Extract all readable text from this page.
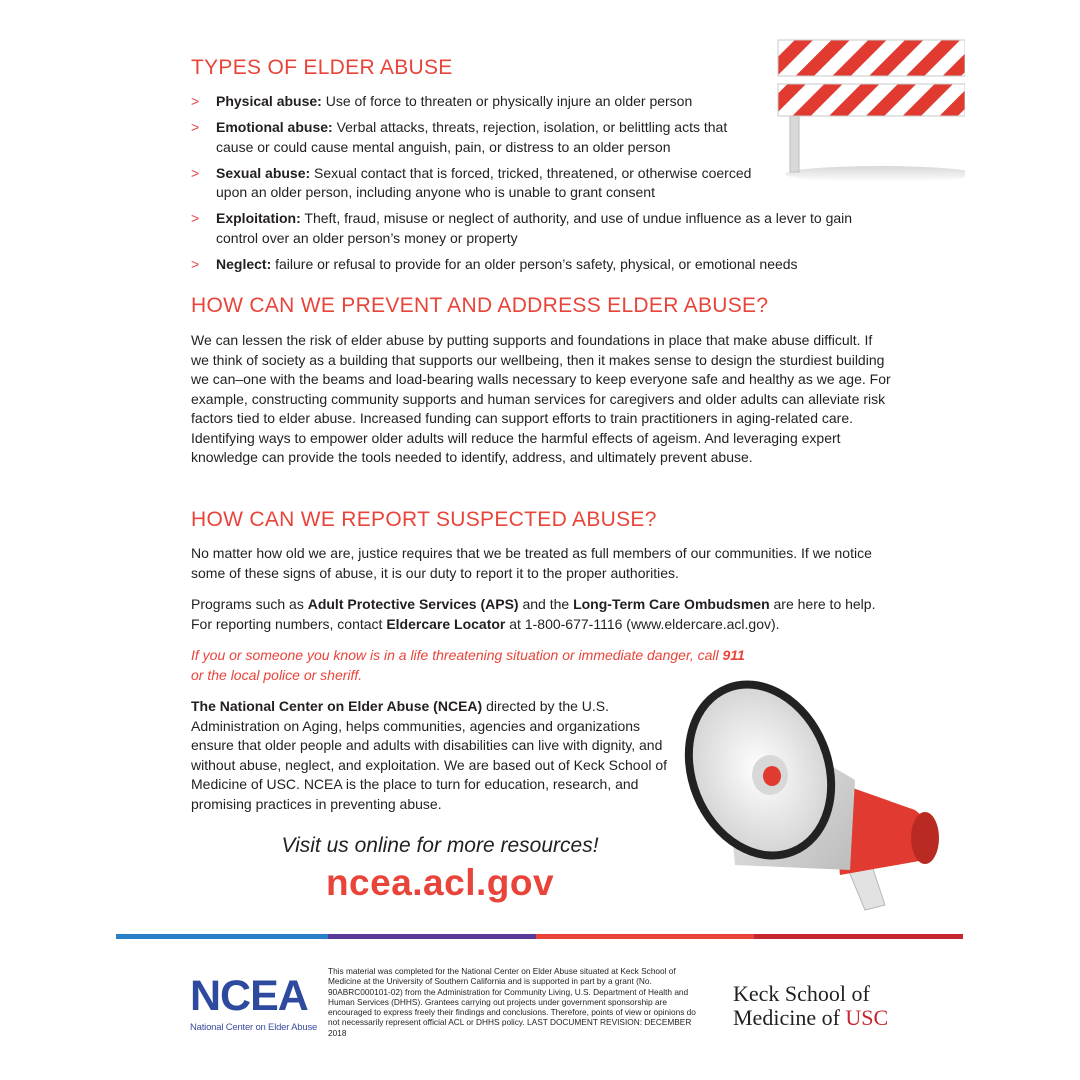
TYPES OF ELDER ABUSE
> Physical abuse: Use of force to threaten or physically injure an older person
> Emotional abuse: Verbal attacks, threats, rejection, isolation, or belittling acts that cause or could cause mental anguish, pain, or distress to an older person
> Sexual abuse: Sexual contact that is forced, tricked, threatened, or otherwise coerced upon an older person, including anyone who is unable to grant consent
> Exploitation: Theft, fraud, misuse or neglect of authority, and use of undue influence as a lever to gain control over an older person’s money or property
> Neglect: failure or refusal to provide for an older person’s safety, physical, or emotional needs
HOW CAN WE PREVENT AND ADDRESS ELDER ABUSE?

We can lessen the risk of elder abuse by putting supports and foundations in place that make abuse difficult. If we think of society as a building that supports our wellbeing, then it makes sense to design the sturdiest building we can–one with the beams and load-bearing walls necessary to keep everyone safe and healthy as we age. For example, constructing community supports and human services for caregivers and older adults can alleviate risk factors tied to elder abuse. Increased funding can support efforts to train practitioners in aging-related care. Identifying ways to empower older adults will reduce the harmful effects of ageism. And leveraging expert knowledge can provide the tools needed to identify, address, and ultimately prevent abuse.

HOW CAN WE REPORT SUSPECTED ABUSE?

No matter how old we are, justice requires that we be treated as full members of our communities. If we notice some of these signs of abuse, it is our duty to report it to the proper authorities.

Programs such as Adult Protective Services (APS) and the Long-Term Care Ombudsmen are here to help. For reporting numbers, contact Eldercare Locator at 1-800-677-1116 (www.eldercare.acl.gov).

If you or someone you know is in a life threatening situation or immediate danger, call 911 or the local police or sheriff.

The National Center on Elder Abuse (NCEA) directed by the U.S. Administration on Aging, helps communities, agencies and organizations ensure that older people and adults with disabilities can live with dignity, and without abuse, neglect, and exploitation. We are based out of Keck School of Medicine of USC. NCEA is the place to turn for education, research, and promising practices in preventing abuse.

Visit us online for more resources!
ncea.acl.gov
NCEA
National Center on Elder Abuse

This material was completed for the National Center on Elder Abuse situated at Keck School of Medicine at the University of Southern California and is supported in part by a grant (No. 90ABRC000101-02) from the Administration for Community Living, U.S. Department of Health and Human Services (DHHS). Grantees carrying out projects under government sponsorship are encouraged to express freely their findings and conclusions. Therefore, points of view or opinions do not necessarily represent official ACL or DHHS policy. LAST DOCUMENT REVISION: DECEMBER 2018

Keck School of
Medicine of USC
